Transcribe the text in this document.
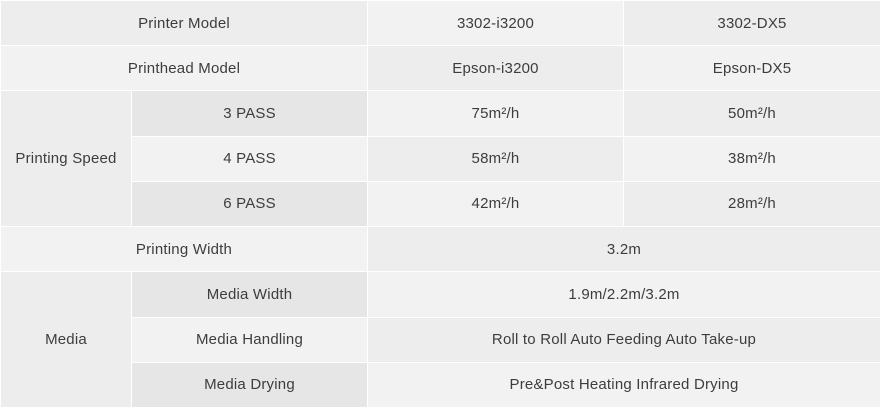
Printer Model		3302-i3200	3302-DX5
Printhead Model		Epson-i3200	Epson-DX5
Printing Speed	3 PASS	75m²/h	50m²/h
	4 PASS	58m²/h	38m²/h
	6 PASS	42m²/h	28m²/h
Printing Width		3.2m	
Media	Media Width	1.9m/2.2m/3.2m	
	Media Handling	Roll to Roll Auto Feeding Auto Take-up	
	Media Drying	Pre&Post Heating Infrared Drying	
